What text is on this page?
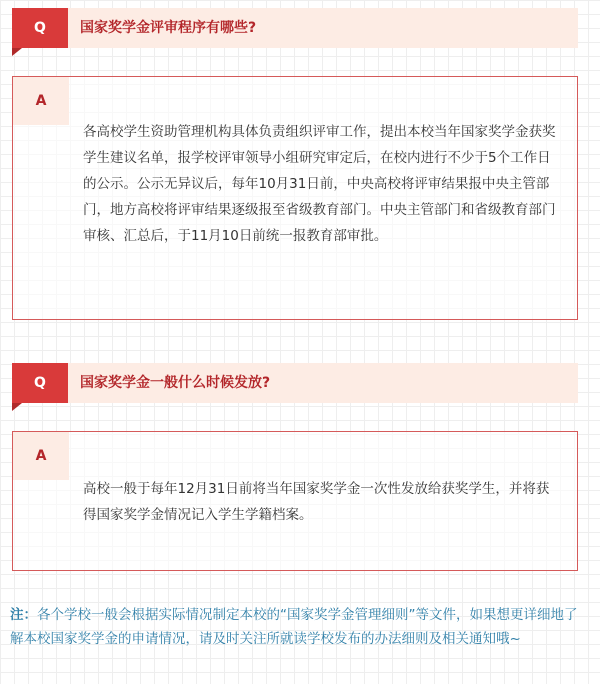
Q	国家奖学金评审程序有哪些?
A
各高校学生资助管理机构具体负责组织评审工作，提出本校当年国家奖学金获奖学生建议名单，报学校评审领导小组研究审定后，在校内进行不少于5个工作日的公示。公示无异议后，每年10月31日前，中央高校将评审结果报中央主管部门，地方高校将评审结果逐级报至省级教育部门。中央主管部门和省级教育部门审核、汇总后，于11月10日前统一报教育部审批。
Q	国家奖学金一般什么时候发放?
A
高校一般于每年12月31日前将当年国家奖学金一次性发放给获奖学生，并将获得国家奖学金情况记入学生学籍档案。
注：各个学校一般会根据实际情况制定本校的“国家奖学金管理细则”等文件，如果想更详细地了解本校国家奖学金的申请情况，请及时关注所就读学校发布的办法细则及相关通知哦~
